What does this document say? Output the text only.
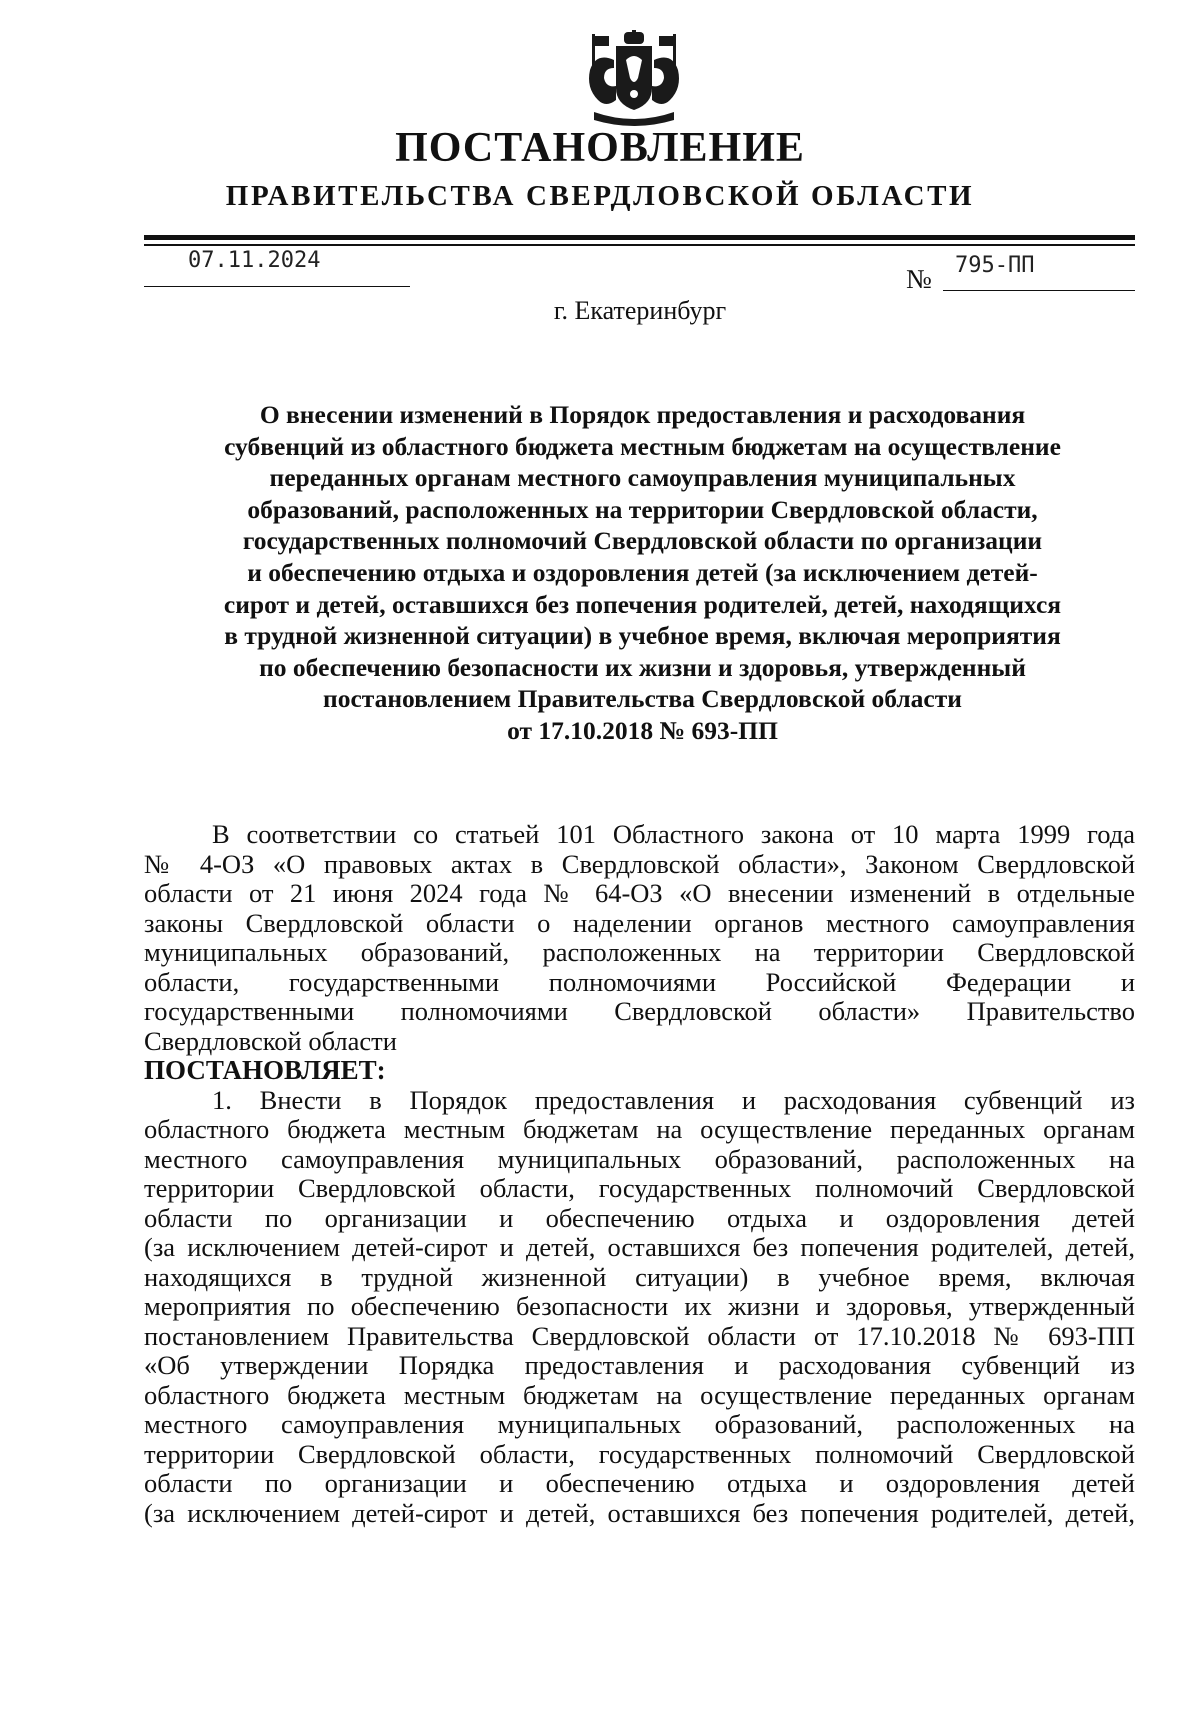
ПОСТАНОВЛЕНИЕ
ПРАВИТЕЛЬСТВА СВЕРДЛОВСКОЙ ОБЛАСТИ
07.11.2024
№ 795-ПП
г. Екатеринбург
О внесении изменений в Порядок предоставления и расходования
субвенций из областного бюджета местным бюджетам на осуществление
переданных органам местного самоуправления муниципальных
образований, расположенных на территории Свердловской области,
государственных полномочий Свердловской области по организации
и обеспечению отдыха и оздоровления детей (за исключением детей-
сирот и детей, оставшихся без попечения родителей, детей, находящихся
в трудной жизненной ситуации) в учебное время, включая мероприятия
по обеспечению безопасности их жизни и здоровья, утвержденный
постановлением Правительства Свердловской области
от 17.10.2018 № 693-ПП
В соответствии со статьей 101 Областного закона от 10 марта 1999 года
№ 4-ОЗ «О правовых актах в Свердловской области», Законом Свердловской
области от 21 июня 2024 года № 64-ОЗ «О внесении изменений в отдельные
законы Свердловской области о наделении органов местного самоуправления
муниципальных образований, расположенных на территории Свердловской
области, государственными полномочиями Российской Федерации и
государственными полномочиями Свердловской области» Правительство
Свердловской области
ПОСТАНОВЛЯЕТ:
1. Внести в Порядок предоставления и расходования субвенций из
областного бюджета местным бюджетам на осуществление переданных органам
местного самоуправления муниципальных образований, расположенных на
территории Свердловской области, государственных полномочий Свердловской
области по организации и обеспечению отдыха и оздоровления детей
(за исключением детей-сирот и детей, оставшихся без попечения родителей, детей,
находящихся в трудной жизненной ситуации) в учебное время, включая
мероприятия по обеспечению безопасности их жизни и здоровья, утвержденный
постановлением Правительства Свердловской области от 17.10.2018 № 693-ПП
«Об утверждении Порядка предоставления и расходования субвенций из
областного бюджета местным бюджетам на осуществление переданных органам
местного самоуправления муниципальных образований, расположенных на
территории Свердловской области, государственных полномочий Свердловской
области по организации и обеспечению отдыха и оздоровления детей
(за исключением детей-сирот и детей, оставшихся без попечения родителей, детей,
